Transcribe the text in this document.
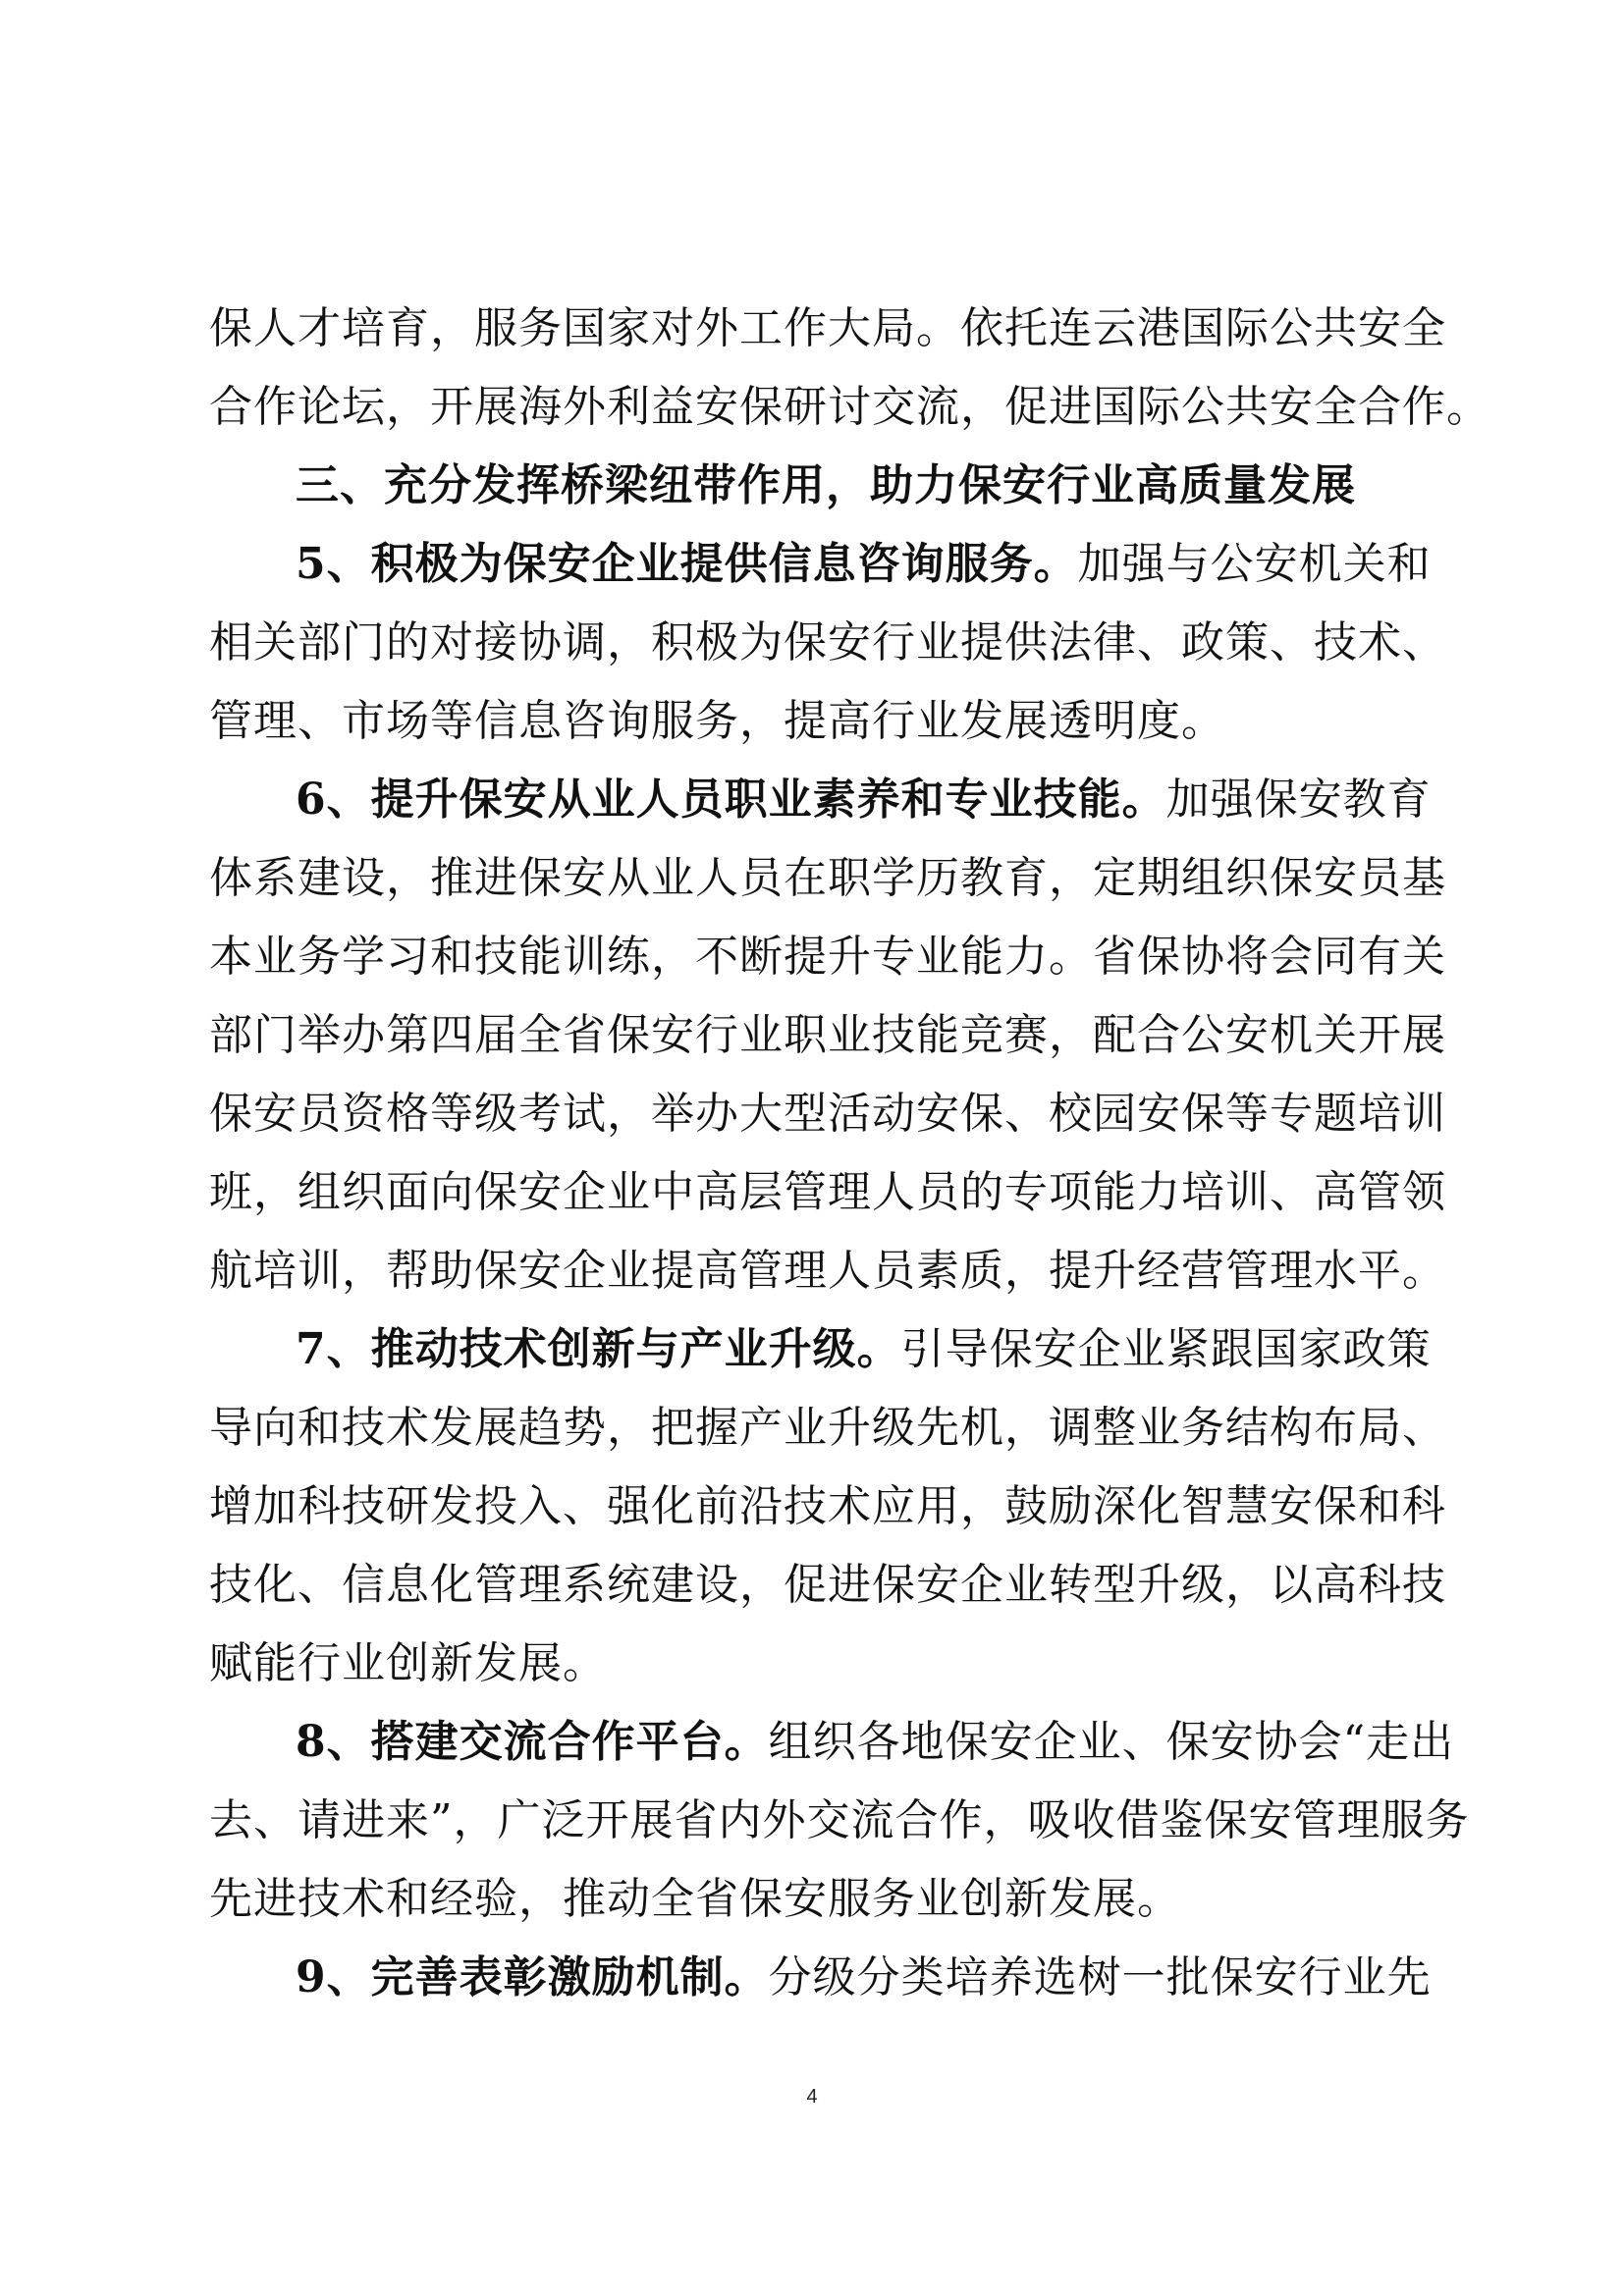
保人才培育，服务国家对外工作大局。依托连云港国际公共安全
合作论坛，开展海外利益安保研讨交流，促进国际公共安全合作。
三、充分发挥桥梁纽带作用，助力保安行业高质量发展
5、积极为保安企业提供信息咨询服务。加强与公安机关和
相关部门的对接协调，积极为保安行业提供法律、政策、技术、
管理、市场等信息咨询服务，提高行业发展透明度。
6、提升保安从业人员职业素养和专业技能。加强保安教育
体系建设，推进保安从业人员在职学历教育，定期组织保安员基
本业务学习和技能训练，不断提升专业能力。省保协将会同有关
部门举办第四届全省保安行业职业技能竞赛，配合公安机关开展
保安员资格等级考试，举办大型活动安保、校园安保等专题培训
班，组织面向保安企业中高层管理人员的专项能力培训、高管领
航培训，帮助保安企业提高管理人员素质，提升经营管理水平。
7、推动技术创新与产业升级。引导保安企业紧跟国家政策
导向和技术发展趋势，把握产业升级先机，调整业务结构布局、
增加科技研发投入、强化前沿技术应用，鼓励深化智慧安保和科
技化、信息化管理系统建设，促进保安企业转型升级，以高科技
赋能行业创新发展。
8、搭建交流合作平台。组织各地保安企业、保安协会“走出
去、请进来”，广泛开展省内外交流合作，吸收借鉴保安管理服务
先进技术和经验，推动全省保安服务业创新发展。
9、完善表彰激励机制。分级分类培养选树一批保安行业先
4
